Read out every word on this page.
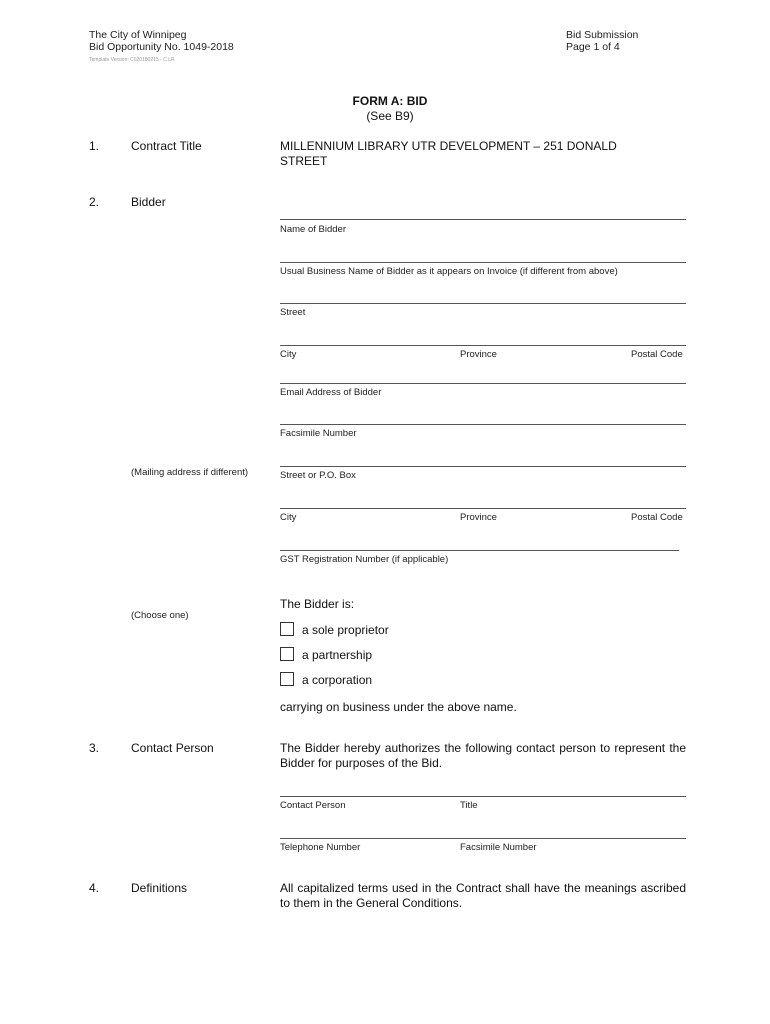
The City of Winnipeg
Bid Opportunity No. 1049-2018
Template Version: C020180215 - C LR
Bid Submission
Page 1 of 4
FORM A: BID
(See B9)
1.	Contract Title	MILLENNIUM LIBRARY UTR DEVELOPMENT – 251 DONALD
STREET
2.	Bidder
Name of Bidder
Usual Business Name of Bidder as it appears on Invoice (if different from above)
Street
City	Province	Postal Code
Email Address of Bidder
Facsimile Number
(Mailing address if different)	Street or P.O. Box
City	Province	Postal Code
GST Registration Number (if applicable)
The Bidder is:
(Choose one)
a sole proprietor
a partnership
a corporation
carrying on business under the above name.
3.	Contact Person	The Bidder hereby authorizes the following contact person to represent the Bidder for purposes of the Bid.
Contact Person	Title
Telephone Number	Facsimile Number
4.	Definitions	All capitalized terms used in the Contract shall have the meanings ascribed to them in the General Conditions.
